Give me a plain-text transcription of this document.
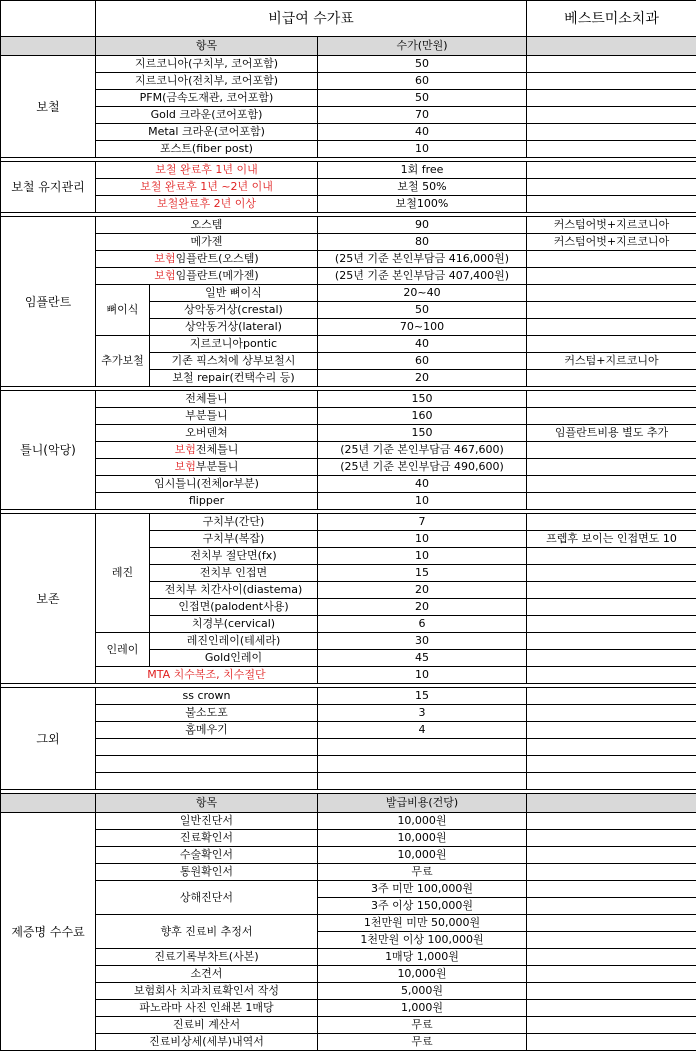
	비급여 수가표			베스트미소치과
	항목		수가(만원)	
보철	지르코니아(구치부, 코어포함)		50	
	지르코니아(전치부, 코어포함)		60	
	PFM(금속도재관, 코어포함)		50	
	Gold 크라운(코어포함)		70	
	Metal 크라운(코어포함)		40	
	포스트(fiber post)		10	

보철 유지관리	보철 완료후 1년 이내		1회 free	
	보철 완료후 1년 ~2년 이내		보철 50%	
	보철완료후 2년 이상		보철100%	

임플란트	오스템		90	커스텀어벗+지르코니아
	메가젠		80	커스텀어벗+지르코니아
	보험임플란트(오스템)		(25년 기준 본인부담금 416,000원)	
	보험임플란트(메가젠)		(25년 기준 본인부담금 407,400원)	
	뼈이식	일반 뼈이식	20~40	
		상악동거상(crestal)	50	
		상악동거상(lateral)	70~100	
	추가보철	지르코니아pontic	40	
		기존 픽스쳐에 상부보철시	60	커스텀+지르코니아
		보철 repair(컨택수리 등)	20	

틀니(악당)	전체틀니		150	
	부분틀니		160	
	오버덴쳐		150	임플란트비용 별도 추가
	보험전체틀니		(25년 기준 본인부담금 467,600)	
	보험부분틀니		(25년 기준 본인부담금 490,600)	
	임시틀니(전체or부분)		40	
	flipper		10	

보존	레진	구치부(간단)	7	
		구치부(복잡)	10	프렙후 보이는 인접면도 10
		전치부 절단면(fx)	10	
		전치부 인접면	15	
		전치부 치간사이(diastema)	20	
		인접면(palodent사용)	20	
		치경부(cervical)	6	
	인레이	레진인레이(테세라)	30	
		Gold인레이	45	
	MTA 치수복조, 치수절단		10	

그외	ss crown		15	
	불소도포		3	
	홈메우기		4	

	항목		발급비용(건당)	
제증명 수수료	일반진단서		10,000원	
	진료확인서		10,000원	
	수술확인서		10,000원	
	통원확인서		무료	
	상해진단서		3주 미만 100,000원	
			3주 이상 150,000원	
	향후 진료비 추정서		1천만원 미만 50,000원	
			1천만원 이상 100,000원	
	진료기록부차트(사본)		1매당 1,000원	
	소견서		10,000원	
	보험회사 치과치료확인서 작성		5,000원	
	파노라마 사진 인쇄본 1매당		1,000원	
	진료비 계산서		무료	
	진료비상세(세부)내역서		무료	
